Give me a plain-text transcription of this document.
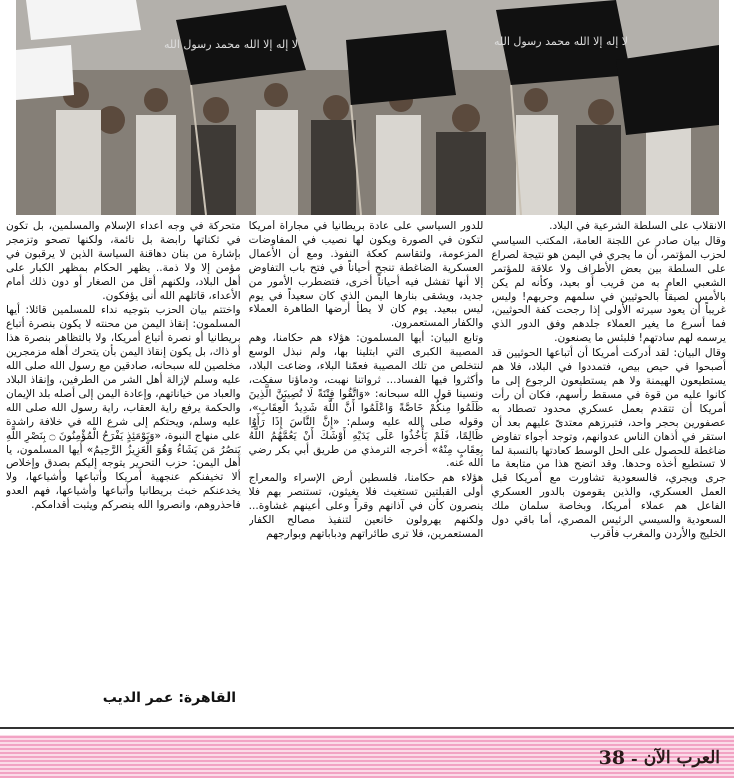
لا إله إلا الله محمد رسول الله	لا إله إلا الله محمد رسول الله

الانقلاب على السلطة الشرعية في البلاد.

وقال بيان صادر عن اللجنة العامة، المكتب السياسي لحزب المؤتمر، أن ما يجري في اليمن هو نتيجة لصراع على السلطة بين بعض الأطراف ولا علاقة للمؤتمر الشعبي العام به من قريب أو بعيد، وكأنه لم يكن بالأمس لصيقاً بالحوثيين في سلمهم وحربهم! وليس غريباً أن يعود سيرته الأولى إذا رجحت كفة الحوثيين، فما أسرع ما يغير العملاء جلدهم وفق الدور الذي يرسمه لهم سادتهم! فلبئس ما يصنعون.

وقال البيان: لقد أدركت أمريكا أن أتباعها الحوثيين قد أصبحوا في حيص بيص، فتمددوا في البلاد، فلا هم يستطيعون الهيمنة ولا هم يستطيعون الرجوع إلى ما كانوا عليه من قوة في مسقط رأسهم، فكان أن رأت أمريكا أن تتقدم بعمل عسكري محدود تصطاد به عصفورين بحجر واحد، فتبرزهم معتدىً عليهم بعد أن استقر في أذهان الناس عدوانهم، وتوجد أجواء تفاوض ضاغطة للحصول على الحل الوسط كعادتها بالنسبة لما لا تستطيع أخذه وحدها. وقد اتضح هذا من متابعة ما جرى ويجري، فالسعودية تشاورت مع أمريكا قبل العمل العسكري، والذين يقومون بالدور العسكري الفاعل هم عملاء أمريكا، وبخاصة سلمان ملك السعودية والسيسي الرئيس المصري، أما باقي دول الخليج والأردن والمغرب فأقرب

للدور السياسي على عادة بريطانيا في مجاراة أمريكا لتكون في الصورة ويكون لها نصيب في المفاوضات المزعومة، ولتقاسم كعكة النفوذ. ومع أن الأعمال العسكرية الضاغطة تنجح أحياناً في فتح باب التفاوض إلا أنها تفشل فيه أحياناً أخرى، فتضطرب الأمور من جديد، ويشقى بنارها اليمن الذي كان سعيداً في يوم ليس ببعيد. يوم كان لا يطأ أرضها الطاهرة العملاء والكفار المستعمرون.

وتابع البيان: أيها المسلمون: هؤلاء هم حكامنا، وهم المصيبة الكبرى التي ابتلينا بها، ولم نبذل الوسع لنتخلص من تلك المصيبة فعمّنا البلاء، وضاعت البلاد، وأكثروا فيها الفساد... ثرواتنا نهبت، ودماؤنا سفكت، ونسينا قول الله سبحانه: «وَاتَّقُوا فِتْنَةً لَا تُصِيبَنَّ الَّذِينَ ظَلَمُوا مِنكُمْ خَاصَّةً وَاعْلَمُوا أَنَّ اللَّهَ شَدِيدُ الْعِقَابِ»، وقوله صلى الله عليه وسلم: «إِنَّ النَّاسَ إِذَا رَأَوُا ظَالِمًا، فَلَمْ يَأْخُذُوا عَلَى يَدَيْهِ أَوْشَكَ أَنْ يَعُمَّهُمُ اللَّهُ بِعِقَابٍ مِنْهُ» أخرجه الترمذي من طريق أبي بكر رضي الله عنه.

هؤلاء هم حكامنا، فلسطين أرض الإسراء والمعراج أولى القبلتين تستغيث فلا يغيثون، تستنصر بهم فلا ينصرون كأن في آذانهم وقراً وعلى أعينهم غشاوة... ولكنهم يهرولون خانعين لتنفيذ مصالح الكفار المستعمرين، فلا ترى طائراتهم ودباباتهم وبوارجهم

متحركة في وجه أعداء الإسلام والمسلمين، بل تكون في ثكناتها رابضة بل نائمة، ولكنها تصحو وتزمجر بإشارة من بنان دهاقنة السياسة الذين لا يرقبون في مؤمن إلا ولا ذمة.. يظهر الحكام بمظهر الكبار على أهل البلاد، ولكنهم أقل من الصغار أو دون ذلك أمام الأعداء، قاتلهم الله أنى يؤفكون.

واختتم بيان الحزب بتوجيه نداء للمسلمين قائلا: أيها المسلمون: إنقاذ اليمن من محنته لا يكون بنصرة أتباع بريطانيا أو نصرة أتباع أمريكا، ولا بالتظاهر بنصرة هذا أو ذاك، بل يكون إنقاذ اليمن بأن يتحرك أهله مزمجرين مخلصين لله سبحانه، صادقين مع رسول الله صلى الله عليه وسلم لإزالة أهل الشر من الطرفين، وإنقاذ البلاد والعباد من خياناتهم، وإعادة اليمن إلى أصله بلد الإيمان والحكمة يرفع راية العقاب، راية رسول الله صلى الله عليه وسلم، ويحتكم إلى شرع الله في خلافة راشدة على منهاج النبوة، «وَيَوْمَئِذٍ يَفْرَحُ الْمُؤْمِنُونَ ۝ بِنَصْرِ اللَّهِ يَنصُرُ مَن يَشَاءُ وَهُوَ الْعَزِيزُ الرَّحِيمُ» أيها المسلمون، يا أهل اليمن: حزب التحرير يتوجه إليكم بصدق وإخلاص ألا تخيفنكم عنجهية أمريكا وأتباعها وأشياعها، ولا يخدعنكم خبث بريطانيا وأتباعها وأشياعها، فهم العدو فاحذروهم، وانصروا الله ينصركم ويثبت أقدامكم.

القاهرة: عمر الديب
38 - العرب الآن
